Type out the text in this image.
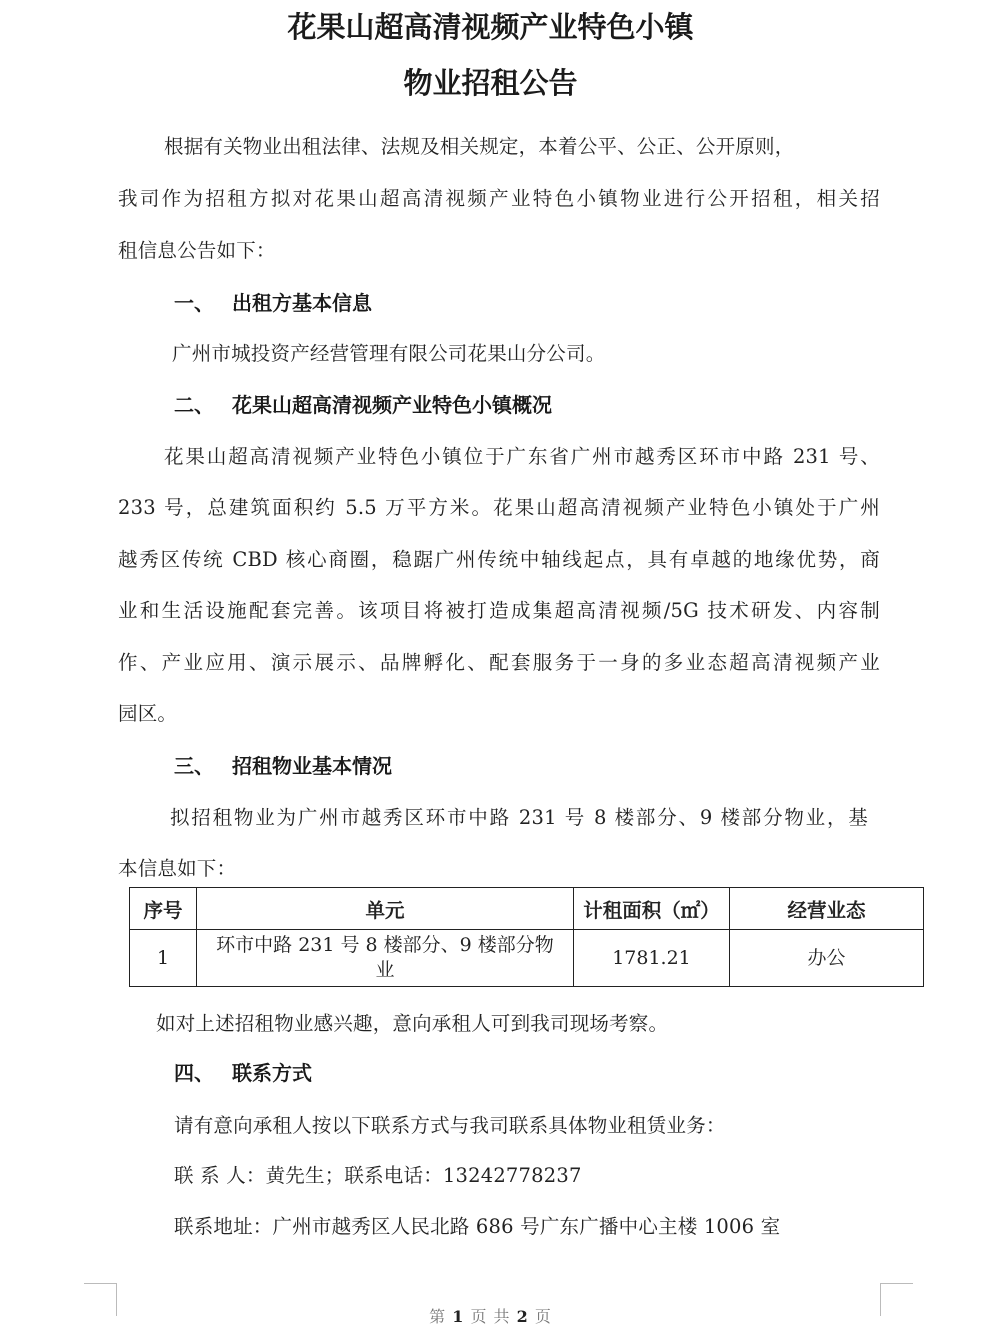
花果山超高清视频产业特色小镇
物业招租公告
根据有关物业出租法律、法规及相关规定，本着公平、公正、公开原则，
我司作为招租方拟对花果山超高清视频产业特色小镇物业进行公开招租，相关招
租信息公告如下：
一、 出租方基本信息
广州市城投资产经营管理有限公司花果山分公司。
二、 花果山超高清视频产业特色小镇概况
花果山超高清视频产业特色小镇位于广东省广州市越秀区环市中路 231 号、
233 号，总建筑面积约 5.5 万平方米。花果山超高清视频产业特色小镇处于广州
越秀区传统 CBD 核心商圈，稳踞广州传统中轴线起点，具有卓越的地缘优势，商
业和生活设施配套完善。该项目将被打造成集超高清视频/5G 技术研发、内容制
作、产业应用、演示展示、品牌孵化、配套服务于一身的多业态超高清视频产业
园区。
三、 招租物业基本情况
拟招租物业为广州市越秀区环市中路 231 号 8 楼部分、9 楼部分物业，基
本信息如下：
序号	单元	计租面积（㎡）	经营业态
1	环市中路 231 号 8 楼部分、9 楼部分物业	1781.21	办公
如对上述招租物业感兴趣，意向承租人可到我司现场考察。
四、 联系方式
请有意向承租人按以下联系方式与我司联系具体物业租赁业务：
联 系 人：黄先生；联系电话：13242778237
联系地址：广州市越秀区人民北路 686 号广东广播中心主楼 1006 室
第 1 页 共 2 页
